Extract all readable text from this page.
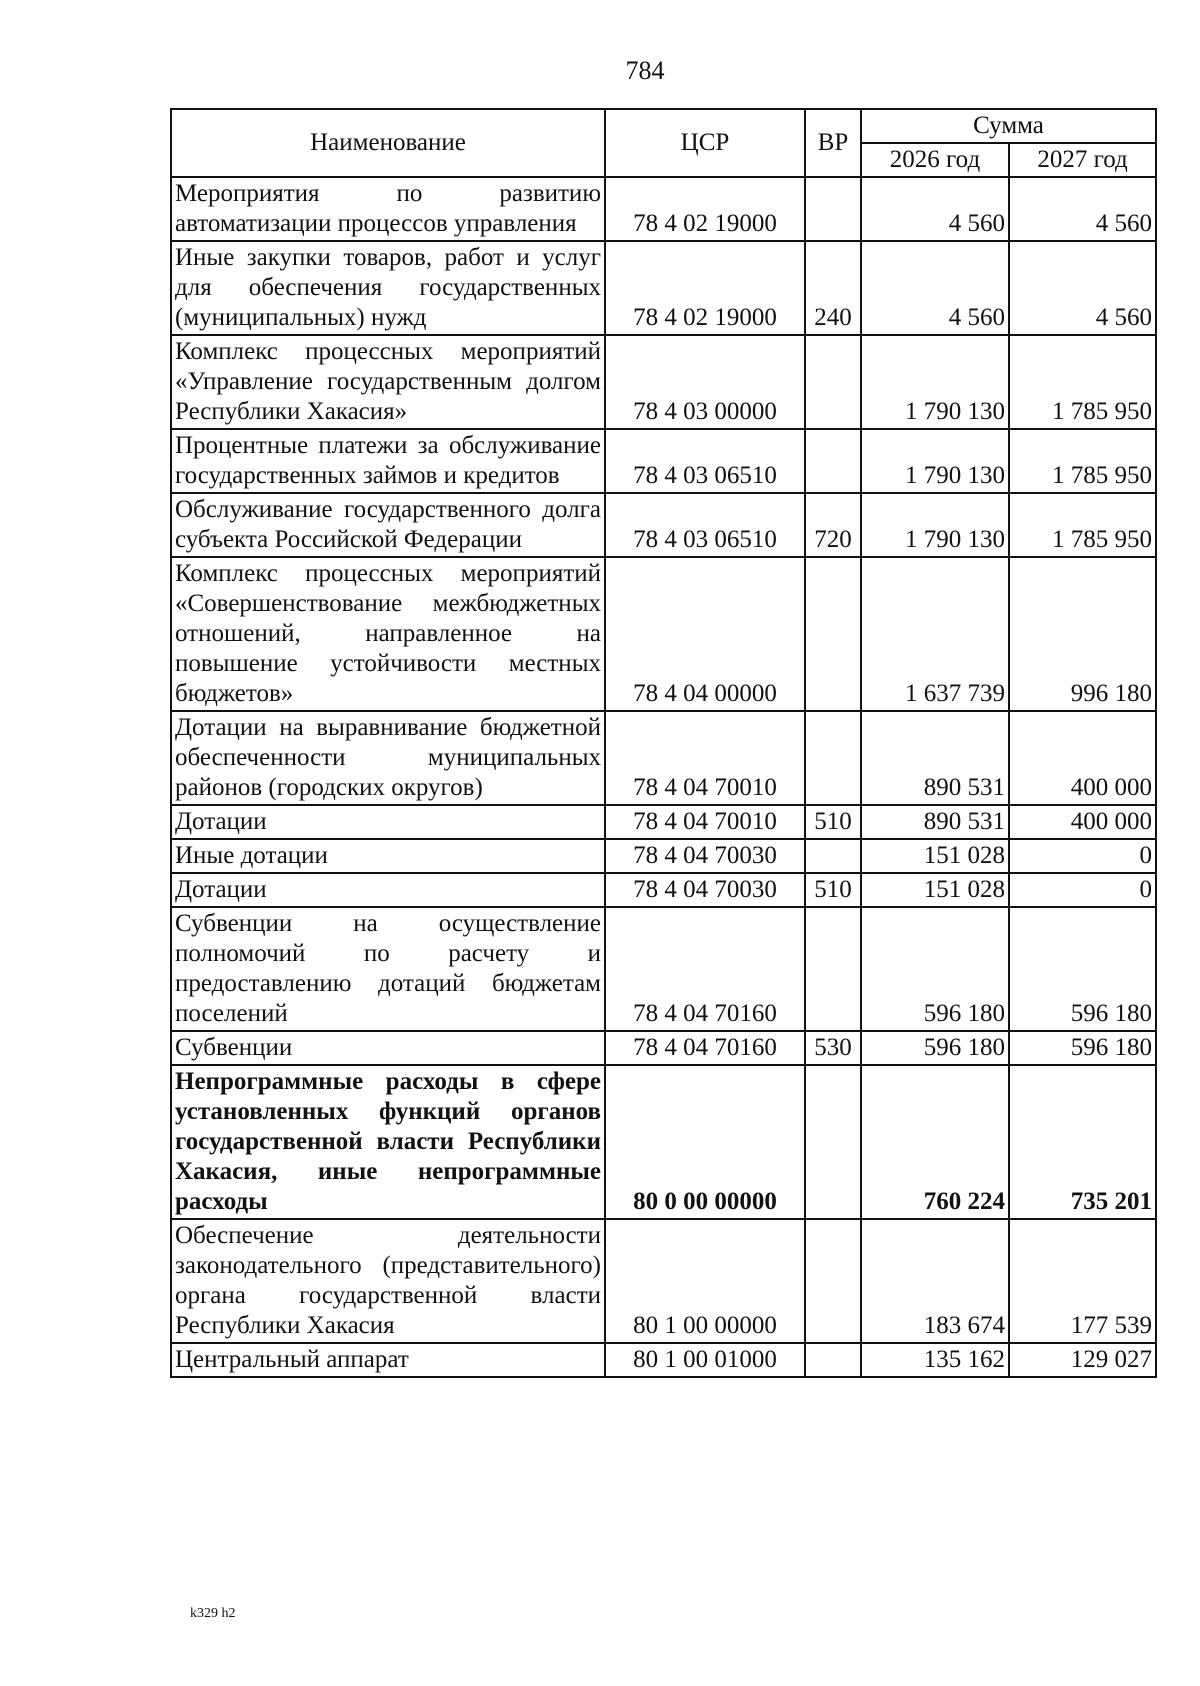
784
Наименование	ЦСР	ВР	Сумма	
			2026 год	2027 год
Мероприятия по развитию автоматизации процессов управления	78 4 02 19000		4 560	4 560
Иные закупки товаров, работ и услуг для обеспечения государственных (муниципальных) нужд	78 4 02 19000	240	4 560	4 560
Комплекс процессных мероприятий «Управление государственным долгом Республики Хакасия»	78 4 03 00000		1 790 130	1 785 950
Процентные платежи за обслуживание государственных займов и кредитов	78 4 03 06510		1 790 130	1 785 950
Обслуживание государственного долга субъекта Российской Федерации	78 4 03 06510	720	1 790 130	1 785 950
Комплекс процессных мероприятий «Совершенствование межбюджетных отношений, направленное на повышение устойчивости местных бюджетов»	78 4 04 00000		1 637 739	996 180
Дотации на выравнивание бюджетной обеспеченности муниципальных районов (городских округов)	78 4 04 70010		890 531	400 000
Дотации	78 4 04 70010	510	890 531	400 000
Иные дотации	78 4 04 70030		151 028	0
Дотации	78 4 04 70030	510	151 028	0
Субвенции на осуществление полномочий по расчету и предоставлению дотаций бюджетам поселений	78 4 04 70160		596 180	596 180
Субвенции	78 4 04 70160	530	596 180	596 180
Непрограммные расходы в сфере установленных функций органов государственной власти Республики Хакасия, иные непрограммные расходы	80 0 00 00000		760 224	735 201
Обеспечение деятельности законодательного (представительного) органа государственной власти Республики Хакасия	80 1 00 00000		183 674	177 539
Центральный аппарат	80 1 00 01000		135 162	129 027
k329 h2
